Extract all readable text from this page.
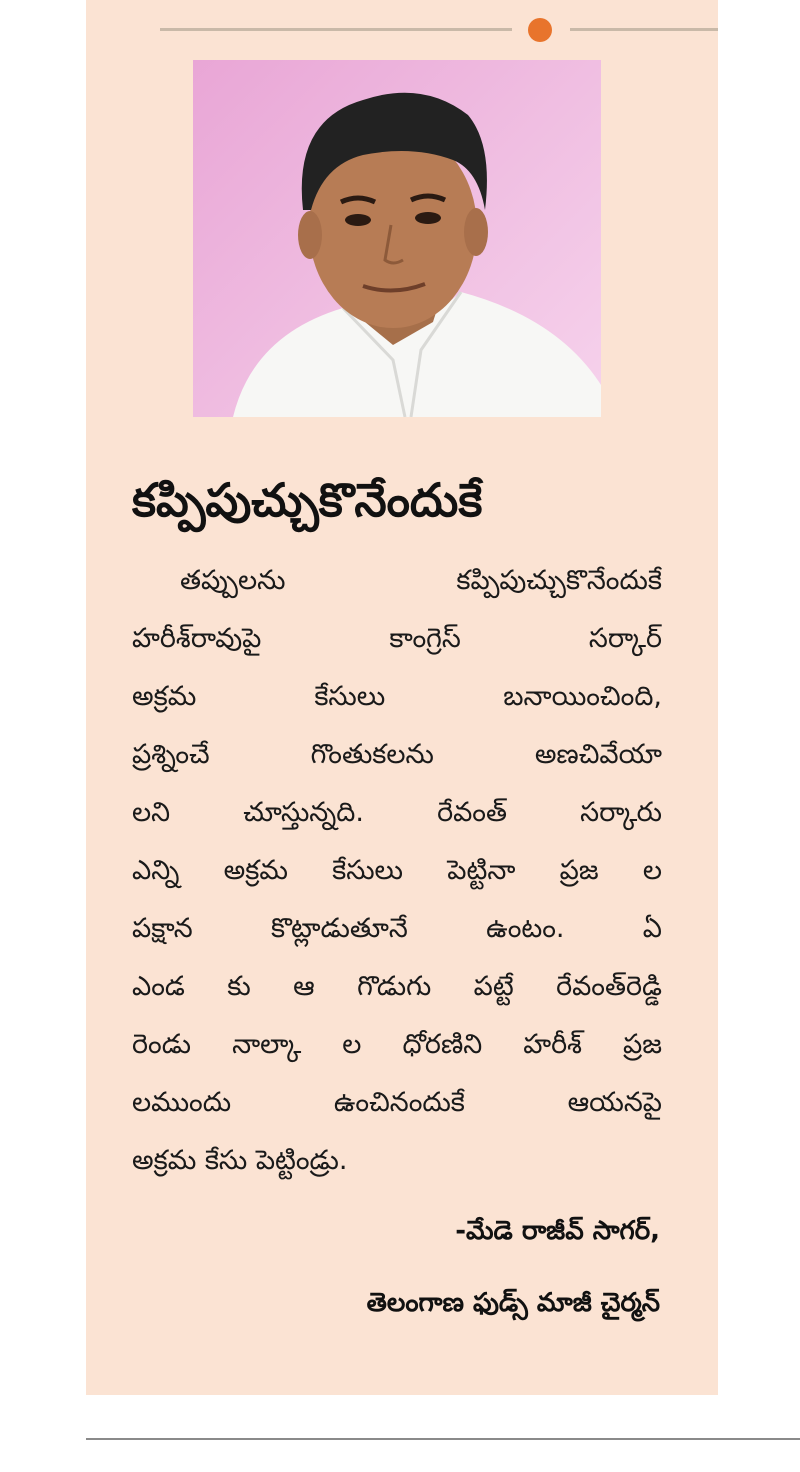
కప్పిపుచ్చుకొనేందుకే
తప్పులను కప్పిపుచ్చుకొనేందుకే
హరీశ్‌రావుపై కాంగ్రెస్ సర్కార్
అక్రమ కేసులు బనాయించింది,
ప్రశ్నించే గొంతుకలను అణచివేయా
లని చూస్తున్నది. రేవంత్ సర్కారు
ఎన్ని అక్రమ కేసులు పెట్టినా ప్రజ ల
పక్షాన కొట్లాడుతూనే ఉంటం. ఏ
ఎండ కు ఆ గొడుగు పట్టే రేవంత్‌రెడ్డి
రెండు నాల్కా ల ధోరణిని హరీశ్ ప్రజ
లముందు ఉంచినందుకే ఆయనపై
అక్రమ కేసు పెట్టిండ్రు.
-మేడె రాజీవ్ సాగర్,
తెలంగాణ ఫుడ్స్ మాజీ చైర్మన్
